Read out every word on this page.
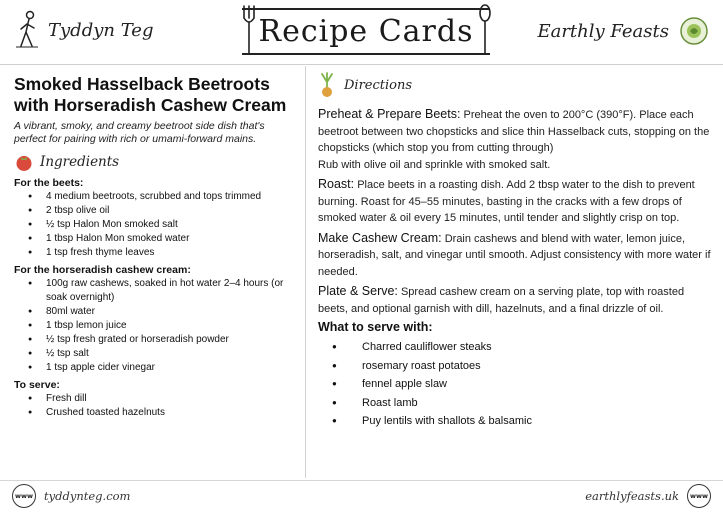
Tyddyn Teg	Recipe Cards	Earthly Feasts
Smoked Hasselback Beetroots
with Horseradish Cashew Cream
A vibrant, smoky, and creamy beetroot side dish that's perfect for pairing with rich or umami-forward mains.
Ingredients
For the beets:
● 4 medium beetroots, scrubbed and tops trimmed
● 2 tbsp olive oil
● ½ tsp Halon Mon smoked salt
● 1 tbsp Halon Mon smoked water
● 1 tsp fresh thyme leaves
For the horseradish cashew cream:
● 100g raw cashews, soaked in hot water 2–4 hours (or soak overnight)
● 80ml water
● 1 tbsp lemon juice
● ½ tsp fresh grated or horseradish powder
● ½ tsp salt
● 1 tsp apple cider vinegar
To serve:
● Fresh dill
● Crushed toasted hazelnuts
Directions
Preheat & Prepare Beets: Preheat the oven to 200°C (390°F). Place each beetroot between two chopsticks and slice thin Hasselback cuts, stopping on the chopsticks (which stop you from cutting through)
Rub with olive oil and sprinkle with smoked salt.
Roast: Place beets in a roasting dish. Add 2 tbsp water to the dish to prevent burning. Roast for 45–55 minutes, basting in the cracks with a few drops of smoked water & oil every 15 minutes, until tender and slightly crisp on top.
Make Cashew Cream: Drain cashews and blend with water, lemon juice, horseradish, salt, and vinegar until smooth. Adjust consistency with more water if needed.
Plate & Serve: Spread cashew cream on a serving plate, top with roasted beets, and optional garnish with dill, hazelnuts, and a final drizzle of oil.
What to serve with:
● Charred cauliflower steaks
● rosemary roast potatoes
● fennel apple slaw
● Roast lamb
● Puy lentils with shallots & balsamic
www tyddynteg.com	earthlyfeasts.uk	www
